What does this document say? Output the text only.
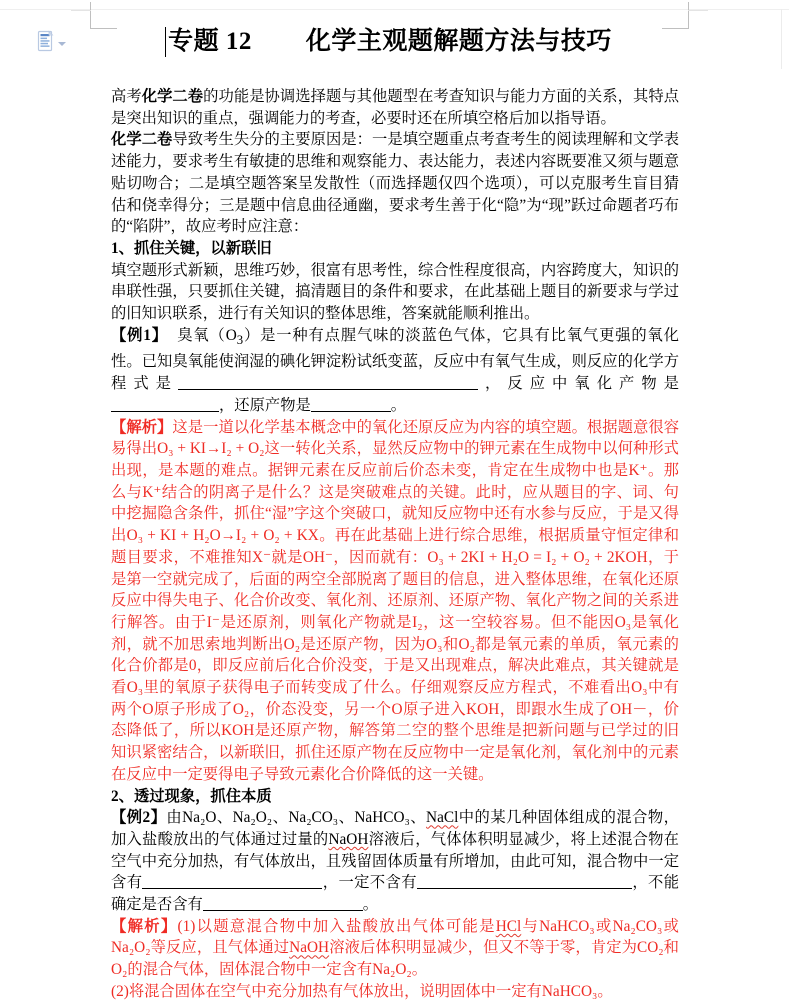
专题 12        化学主观题解题方法与技巧

高考化学二卷的功能是协调选择题与其他题型在考查知识与能力方面的关系，其特点是突出知识的重点，强调能力的考查，必要时还在所填空格后加以指导语。

化学二卷导致考生失分的主要原因是：一是填空题重点考查考生的阅读理解和文学表述能力，要求考生有敏捷的思维和观察能力、表达能力，表述内容既要准又须与题意贴切吻合；二是填空题答案呈发散性（而选择题仅四个选项），可以克服考生盲目猜估和侥幸得分；三是题中信息曲径通幽，要求考生善于化“隐”为“现”跃过命题者巧布的“陷阱”，故应考时应注意：

1、抓住关键，以新联旧

填空题形式新颖，思维巧妙，很富有思考性，综合性程度很高，内容跨度大，知识的串联性强，只要抓住关键，搞清题目的条件和要求，在此基础上题目的新要求与学过的旧知识联系，进行有关知识的整体思维，答案就能顺利推出。

【例1】 臭氧$(O_3)$是一种有点腥气味的淡蓝色气体，它具有比氧气更强的氧化性。已知臭氧能使润湿的碘化钾淀粉试纸变蓝，反应中有氧气生成，则反应的化学方程式是	，反应中氧化产物是，还原产物是	。

【解析】这是一道以化学基本概念中的氧化还原反应为内容的填空题。根据题意很容易得出O₃ + KI→I₂ + O₂这一转化关系，显然反应物中的钾元素在生成物中以何种形式出现，是本题的难点。据钾元素在反应前后价态未变，肯定在生成物中也是K⁺。那么与K⁺结合的阴离子是什么？这是突破难点的关键。此时，应从题目的字、词、句中挖掘隐含条件，抓住“湿”字这个突破口，就知反应物中还有水参与反应，于是又得出O₃ + KI + H₂O→I₂ + O₂ + KX。再在此基础上进行综合思维，根据质量守恒定律和题目要求，不难推知X⁻就是OH⁻，因而就有：O₃ + 2KI + H₂O = I₂ + O₂ + 2KOH，于是第一空就完成了，后面的两空全部脱离了题目的信息，进入整体思维，在氧化还原反应中得失电子、化合价改变、氧化剂、还原剂、还原产物、氧化产物之间的关系进行解答。由于I⁻是还原剂，则氧化产物就是I₂，这一空较容易。但不能因O₃是氧化剂，就不加思索地判断出O₂是还原产物，因为O₃和O₂都是氧元素的单质，氧元素的化合价都是0，即反应前后化合价没变，于是又出现难点，解决此难点，其关键就是看O₃里的氧原子获得电子而转变成了什么。仔细观察反应方程式，不难看出O₃中有两个O原子形成了O₂，价态没变，另一个O原子进入KOH，即跟水生成了OH－，价态降低了，所以KOH是还原产物，解答第二空的整个思维是把新问题与已学过的旧知识紧密结合，以新联旧，抓住还原产物在反应物中一定是氧化剂，氧化剂中的元素在反应中一定要得电子导致元素化合价降低的这一关键。

2、透过现象，抓住本质

【例2】由Na₂O、Na₂O₂、Na₂CO₃、NaHCO₃、NaCl中的某几种固体组成的混合物，加入盐酸放出的气体通过过量的NaOH溶液后，气体体积明显减少，将上述混合物在空气中充分加热，有气体放出，且残留固体质量有所增加，由此可知，混合物中一定含有	，一定不含有	，不能确定是否含有	。

【解析】(1)以题意混合物中加入盐酸放出气体可能是HCl与NaHCO₃或Na₂CO₃或Na₂O₂等反应，且气体通过NaOH溶液后体积明显减少，但又不等于零，肯定为CO₂和O₂的混合气体，固体混合物中一定含有Na₂O₂。

(2)将混合固体在空气中充分加热有气体放出，说明固体中一定有NaHCO₃。
